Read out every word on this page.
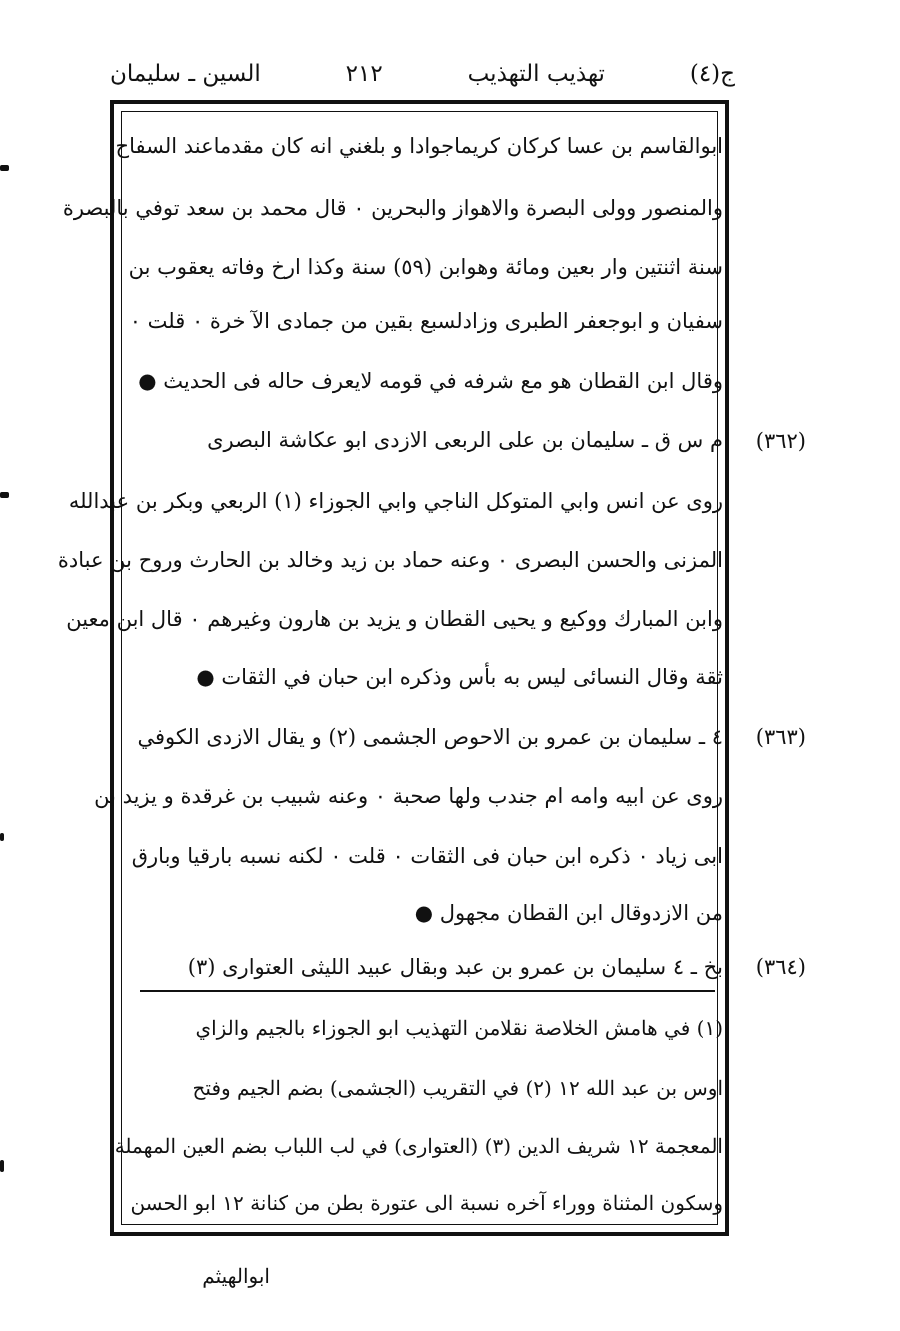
ج(٤)
تهذيب التهذيب
٢١٢
السين ـ سليمان
ابوالقاسم بن عسا كركان كريماجوادا و بلغني انه كان مقدماعند السفاح
والمنصور وولى البصرة والاهواز والبحرين ٠ قال محمد بن سعد توفي بالبصرة
سنة اثنتين وار بعين ومائة وهوابن (٥٩) سنة وكذا ارخ وفاته يعقوب بن
سفيان و ابوجعفر الطبرى وزادلسبع بقين من جمادى الآ خرة ٠ قلت ٠
وقال ابن القطان هو مع شرفه في قومه لايعرف حاله فى الحديث ●
م س ق ـ سليمان بن على الربعى الازدى ابو عكاشة البصرى
روى عن انس وابي المتوكل الناجي وابي الجوزاء (١) الربعي وبكر بن عبدالله
المزنى والحسن البصرى ٠ وعنه حماد بن زيد وخالد بن الحارث وروح بن عبادة
وابن المبارك ووكيع و يحيى القطان و يزيد بن هارون وغيرهم ٠ قال ابن معين
ثقة وقال النسائى ليس به بأس وذكره ابن حبان في الثقات ●
٤ ـ سليمان بن عمرو بن الاحوص الجشمى (٢) و يقال الازدى الكوفي
روى عن ابيه وامه ام جندب ولها صحبة ٠ وعنه شبيب بن غرقدة و يزيد بن
ابى زياد ٠ ذكره ابن حبان فى الثقات ٠ قلت ٠ لكنه نسبه بارقيا وبارق
من الازدوقال ابن القطان مجهول ●
بخ ـ ٤ سليمان بن عمرو بن عبد وبقال عبيد الليثى العتوارى (٣)
(٣٦٢)
(٣٦٣)
(٣٦٤)
(١) في هامش الخلاصة نقلامن التهذيب ابو الجوزاء بالجيم والزاي
اوس بن عبد الله ١٢ (٢) في التقريب (الجشمى) بضم الجيم وفتح
المعجمة ١٢ شريف الدين (٣) (العتوارى) في لب اللباب بضم العين المهملة
وسكون المثناة ووراء آخره نسبة الى عتورة بطن من كنانة ١٢ ابو الحسن
ابوالهيثم
